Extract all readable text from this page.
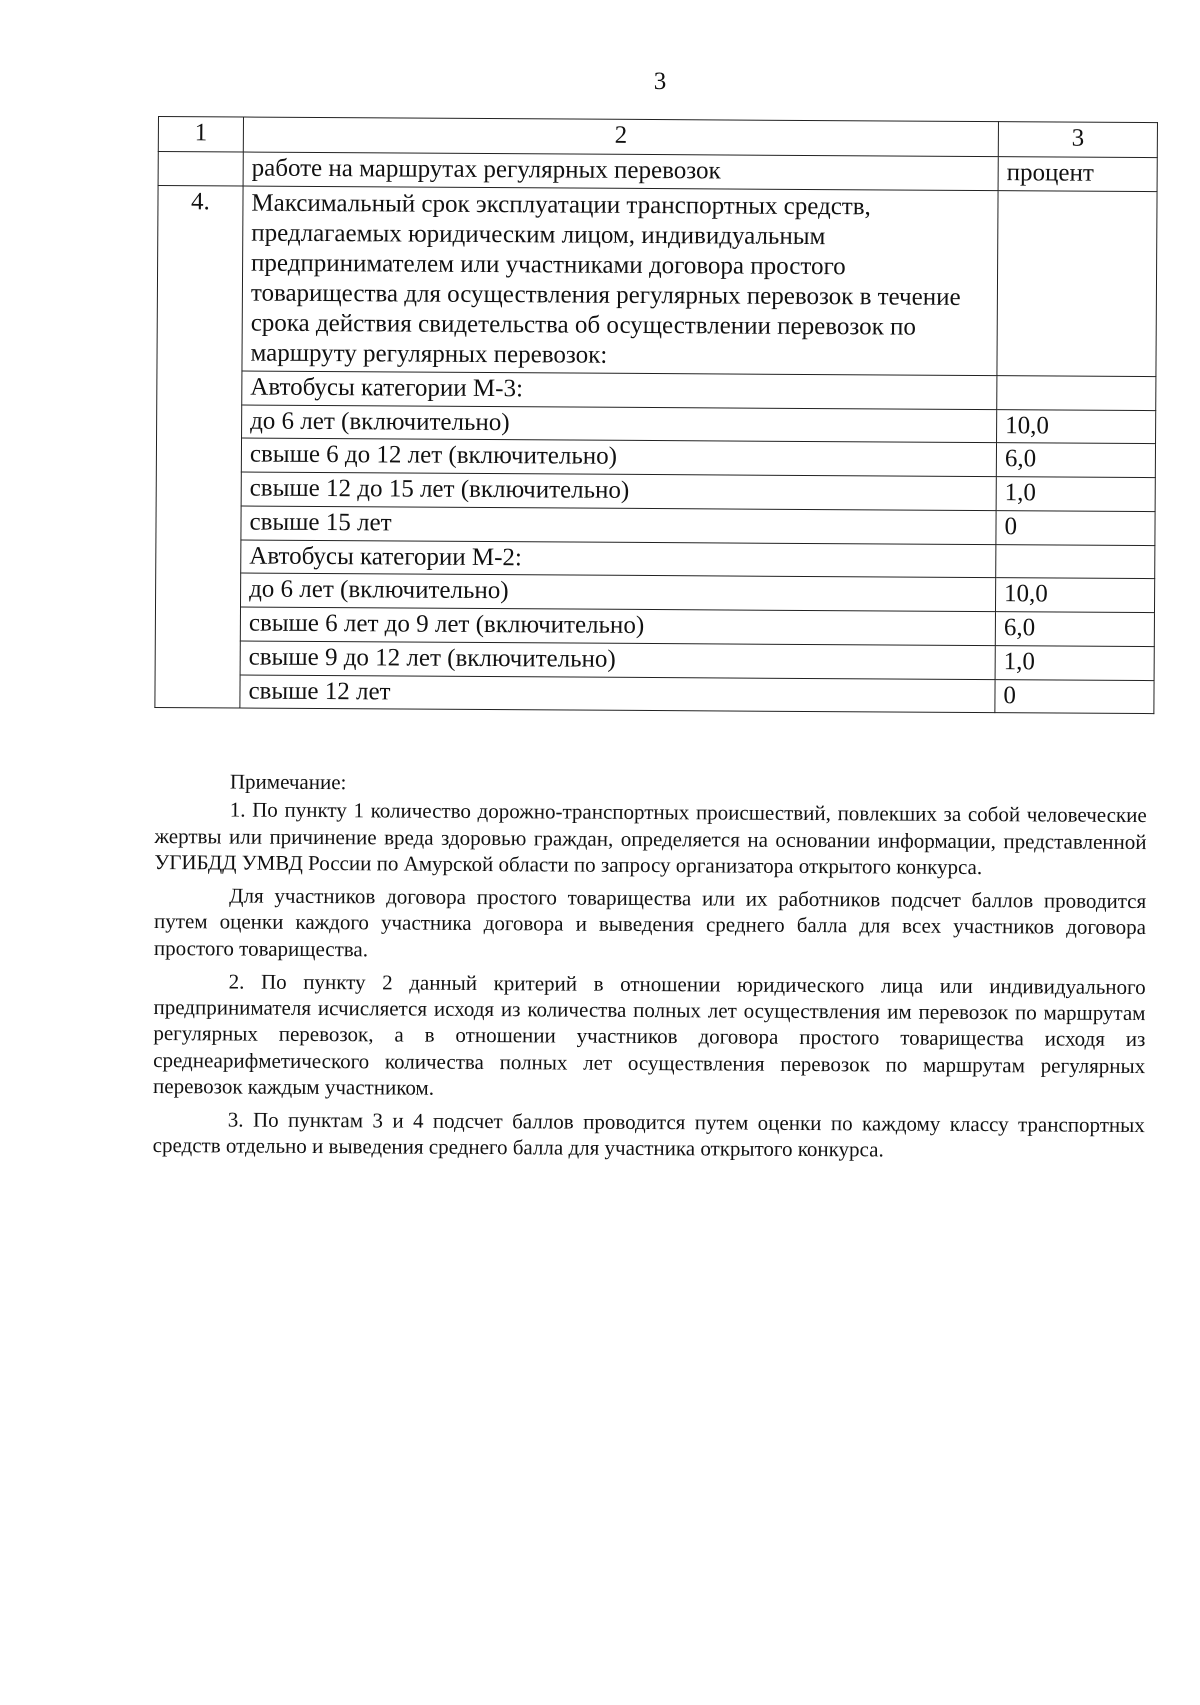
3
1	2	3
	работе на маршрутах регулярных перевозок	процент
4.	Максимальный срок эксплуатации транспортных средств, предлагаемых юридическим лицом, индивидуальным предпринимателем или участниками договора простого товарищества для осуществления регулярных перевозок в течение срока действия свидетельства об осуществлении перевозок по маршруту регулярных перевозок:	
	Автобусы категории М-3:	
	до 6 лет (включительно)	10,0
	свыше 6 до 12 лет (включительно)	6,0
	свыше 12 до 15 лет (включительно)	1,0
	свыше 15 лет	0
	Автобусы категории М-2:	
	до 6 лет (включительно)	10,0
	свыше 6 лет до 9 лет (включительно)	6,0
	свыше 9 до 12 лет (включительно)	1,0
	свыше 12 лет	0
Примечание:

1. По пункту 1 количество дорожно-транспортных происшествий, повлекших за собой человеческие жертвы или причинение вреда здоровью граждан, определяется на основании информации, представленной УГИБДД УМВД России по Амурской области по запросу организатора открытого конкурса.

Для участников договора простого товарищества или их работников подсчет баллов проводится путем оценки каждого участника договора и выведения среднего балла для всех участников договора простого товарищества.

2. По пункту 2 данный критерий в отношении юридического лица или индивидуального предпринимателя исчисляется исходя из количества полных лет осуществления им перевозок по маршрутам регулярных перевозок, а в отношении участников договора простого товарищества исходя из среднеарифметического количества полных лет осуществления перевозок по маршрутам регулярных перевозок каждым участником.

3. По пунктам 3 и 4 подсчет баллов проводится путем оценки по каждому классу транспортных средств отдельно и выведения среднего балла для участника открытого конкурса.
